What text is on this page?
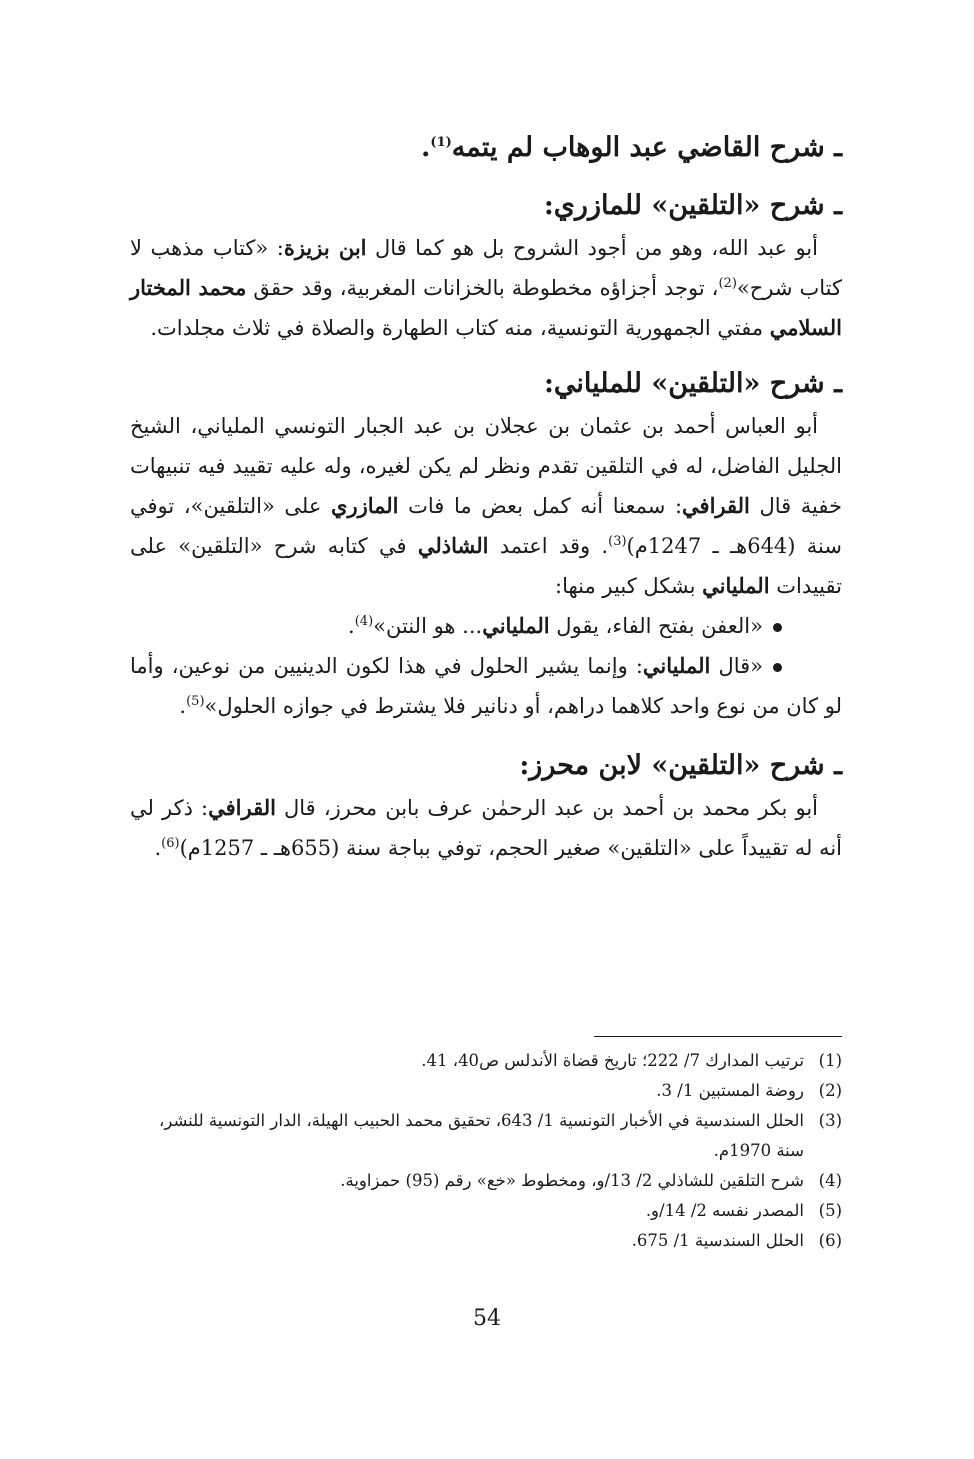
ـ شرح القاضي عبد الوهاب لم يتمه$^{(1)}$.
ـ شرح «التلقين» للمازري:

أبو عبد الله، وهو من أجود الشروح بل هو كما قال ابن بزيزة: «كتاب مذهب لا كتاب شرح»$^{(2)}$، توجد أجزاؤه مخطوطة بالخزانات المغربية، وقد حقق محمد المختار السلامي مفتي الجمهورية التونسية، منه كتاب الطهارة والصلاة في ثلاث مجلدات.

ـ شرح «التلقين» للملياني:

أبو العباس أحمد بن عثمان بن عجلان بن عبد الجبار التونسي الملياني، الشيخ الجليل الفاضل، له في التلقين تقدم ونظر لم يكن لغيره، وله عليه تقييد فيه تنبيهات خفية قال القرافي: سمعنا أنه كمل بعض ما فات المازري على «التلقين»، توفي سنة (644هـ ـ 1247م)$^{(3)}$. وقد اعتمد الشاذلي في كتابه شرح «التلقين» على تقييدات الملياني بشكل كبير منها:

«العفن بفتح الفاء، يقول الملياني... هو النتن»$^{(4)}$.

«قال الملياني: وإنما يشير الحلول في هذا لكون الدينيين من نوعين، وأما لو كان من نوع واحد كلاهما دراهم، أو دنانير فلا يشترط في جوازه الحلول»$^{(5)}$.

ـ شرح «التلقين» لابن محرز:

أبو بكر محمد بن أحمد بن عبد الرحمٰن عرف بابن محرز، قال القرافي: ذكر لي أنه له تقييداً على «التلقين» صغير الحجم، توفي بباجة سنة (655هـ ـ 1257م)$^{(6)}$.

(1)
ترتيب المدارك 7/ 222؛ تاريخ قضاة الأندلس ص40، 41.
(2)
روضة المستبين 1/ 3.
(3)
الحلل السندسية في الأخبار التونسية 1/ 643، تحقيق محمد الحبيب الهيلة، الدار التونسية للنشر، سنة 1970م.
(4)
شرح التلقين للشاذلي 2/ 13/و، ومخطوط «خع» رقم (95) حمزاوية.
(5)
المصدر نفسه 2/ 14/و.
(6)
الحلل السندسية 1/ 675.
54
